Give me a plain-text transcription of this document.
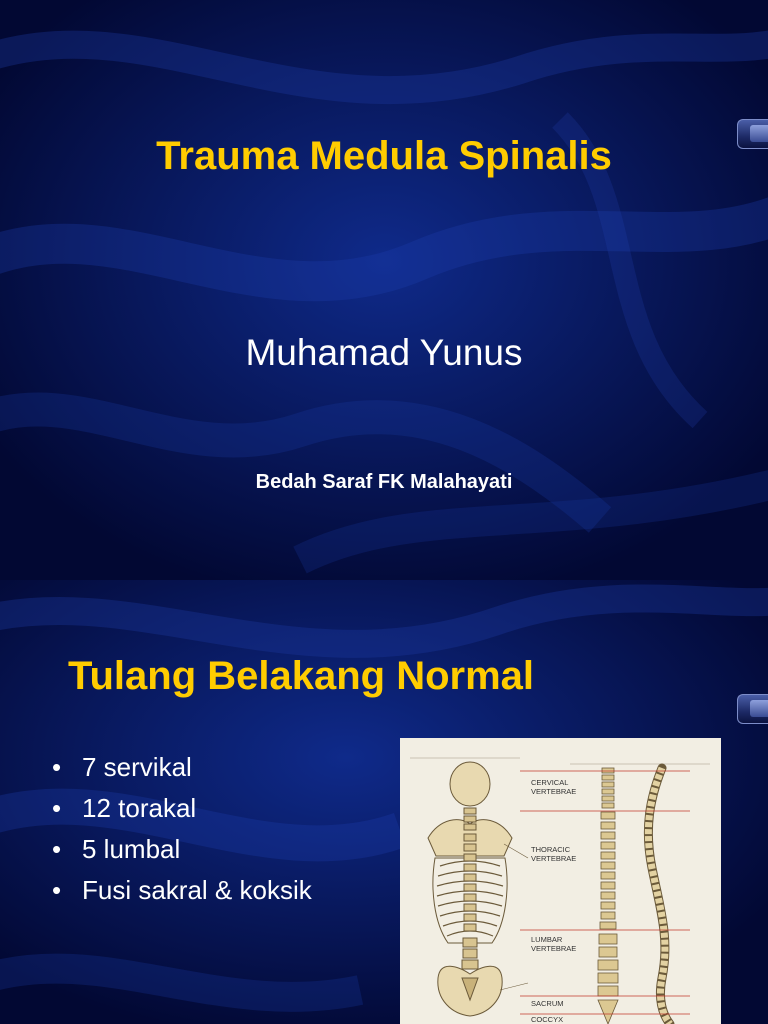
Trauma Medula Spinalis
Muhamad Yunus
Bedah Saraf FK Malahayati
Tulang Belakang Normal
• 7 servikal
• 12 torakal
• 5 lumbal
• Fusi sakral & koksik
CERVICAL
VERTEBRAE
THORACIC
VERTEBRAE
LUMBAR
VERTEBRAE
SACRUM
COCCYX
